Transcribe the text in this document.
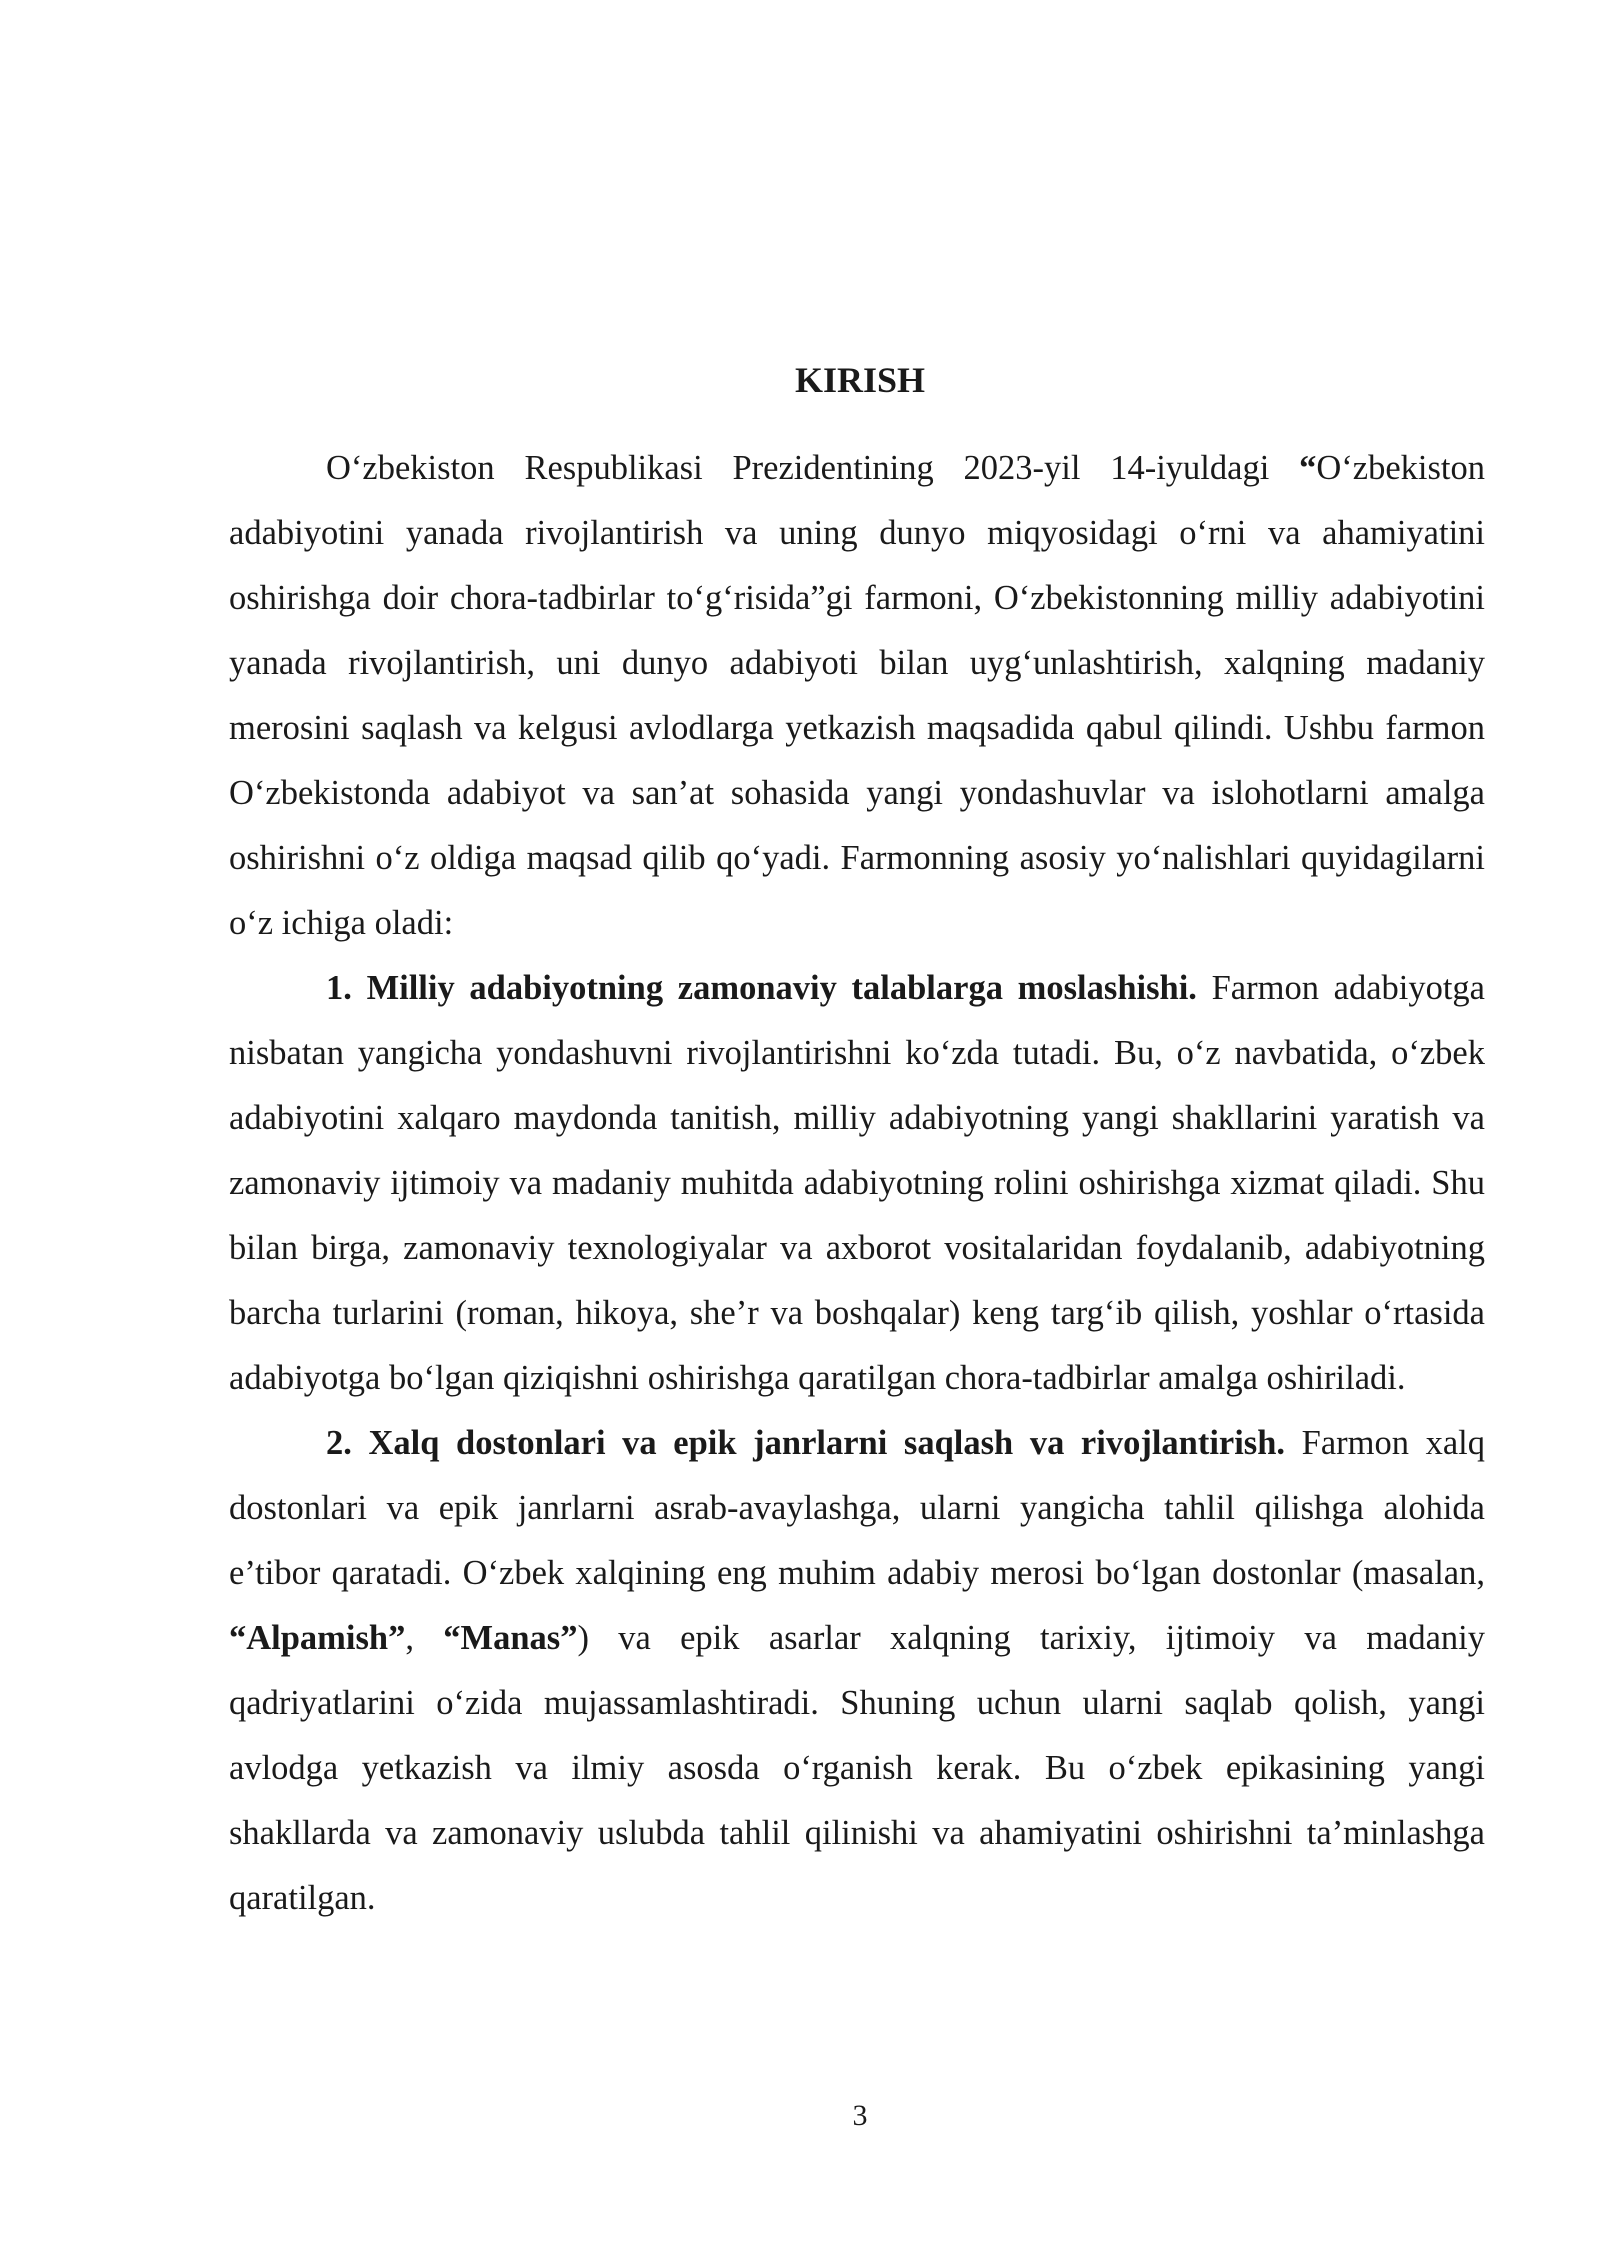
KIRISH

O‘zbekiston Respublikasi Prezidentining 2023-yil 14-iyuldagi “O‘zbekiston adabiyotini yanada rivojlantirish va uning dunyo miqyosidagi o‘rni va ahamiyatini oshirishga doir chora-tadbirlar to‘g‘risida”gi farmoni, O‘zbekistonning milliy adabiyotini yanada rivojlantirish, uni dunyo adabiyoti bilan uyg‘unlashtirish, xalqning madaniy merosini saqlash va kelgusi avlodlarga yetkazish maqsadida qabul qilindi. Ushbu farmon O‘zbekistonda adabiyot va san’at sohasida yangi yondashuvlar va islohotlarni amalga oshirishni o‘z oldiga maqsad qilib qo‘yadi. Farmonning asosiy yo‘nalishlari quyidagilarni o‘z ichiga oladi:

1. Milliy adabiyotning zamonaviy talablarga moslashishi. Farmon adabiyotga nisbatan yangicha yondashuvni rivojlantirishni ko‘zda tutadi. Bu, o‘z navbatida, o‘zbek adabiyotini xalqaro maydonda tanitish, milliy adabiyotning yangi shakllarini yaratish va zamonaviy ijtimoiy va madaniy muhitda adabiyotning rolini oshirishga xizmat qiladi. Shu bilan birga, zamonaviy texnologiyalar va axborot vositalaridan foydalanib, adabiyotning barcha turlarini (roman, hikoya, she’r va boshqalar) keng targ‘ib qilish, yoshlar o‘rtasida adabiyotga bo‘lgan qiziqishni oshirishga qaratilgan chora-tadbirlar amalga oshiriladi.

2. Xalq dostonlari va epik janrlarni saqlash va rivojlantirish. Farmon xalq dostonlari va epik janrlarni asrab-avaylashga, ularni yangicha tahlil qilishga alohida e’tibor qaratadi. O‘zbek xalqining eng muhim adabiy merosi bo‘lgan dostonlar (masalan, “Alpamish”, “Manas”) va epik asarlar xalqning tarixiy, ijtimoiy va madaniy qadriyatlarini o‘zida mujassamlashtiradi. Shuning uchun ularni saqlab qolish, yangi avlodga yetkazish va ilmiy asosda o‘rganish kerak. Bu o‘zbek epikasining yangi shakllarda va zamonaviy uslubda tahlil qilinishi va ahamiyatini oshirishni ta’minlashga qaratilgan.

3
